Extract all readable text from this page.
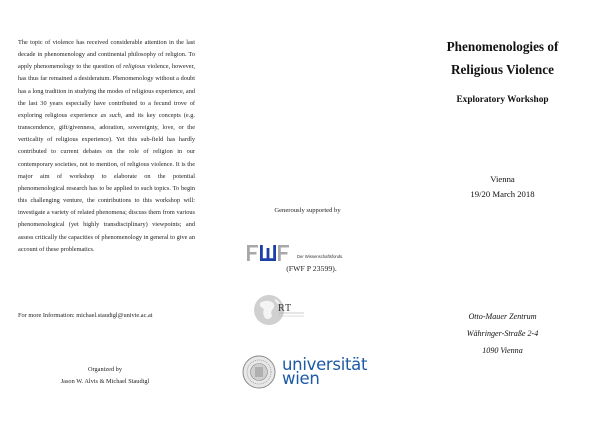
The topic of violence has received considerable attention in the last decade in phenomenology and continental philosophy of religion. To apply phenomenology to the question of religious violence, however, has thus far remained a desideratum. Phenomenology without a doubt has a long tradition in studying the modes of religious experience, and the last 30 years especially have contributed to a fecund trove of exploring religious experience as such, and its key concepts (e.g. transcendence, gift/givenness, adoration, sovereignty, love, or the verticality of religious experience). Yet this sub-field has hardly contributed to current debates on the role of religion in our contemporary societies, not to mention, of religious violence. It is the major aim of workshop to elaborate on the potential phenomenological research has to be applied to such topics. To begin this challenging venture, the contributions to this workshop will: investigate a variety of related phenomena; discuss them from various phenomenological (yet highly transdisciplinary) viewpoints; and assess critically the capacities of phenomenology in general to give an account of these problematics.
For more Information: michael.staudigl@univie.ac.at
Organized by
Jason W. Alvis & Michael Staudigl
Generously supported by
Der Wissenschaftsfonds.
(FWF P 23599).
R T
universität
wien
Phenomenologies of
Religious Violence
Exploratory Workshop
Vienna
19/20 March 2018
Otto-Mauer Zentrum
Währinger-Straße 2-4
1090 Vienna
